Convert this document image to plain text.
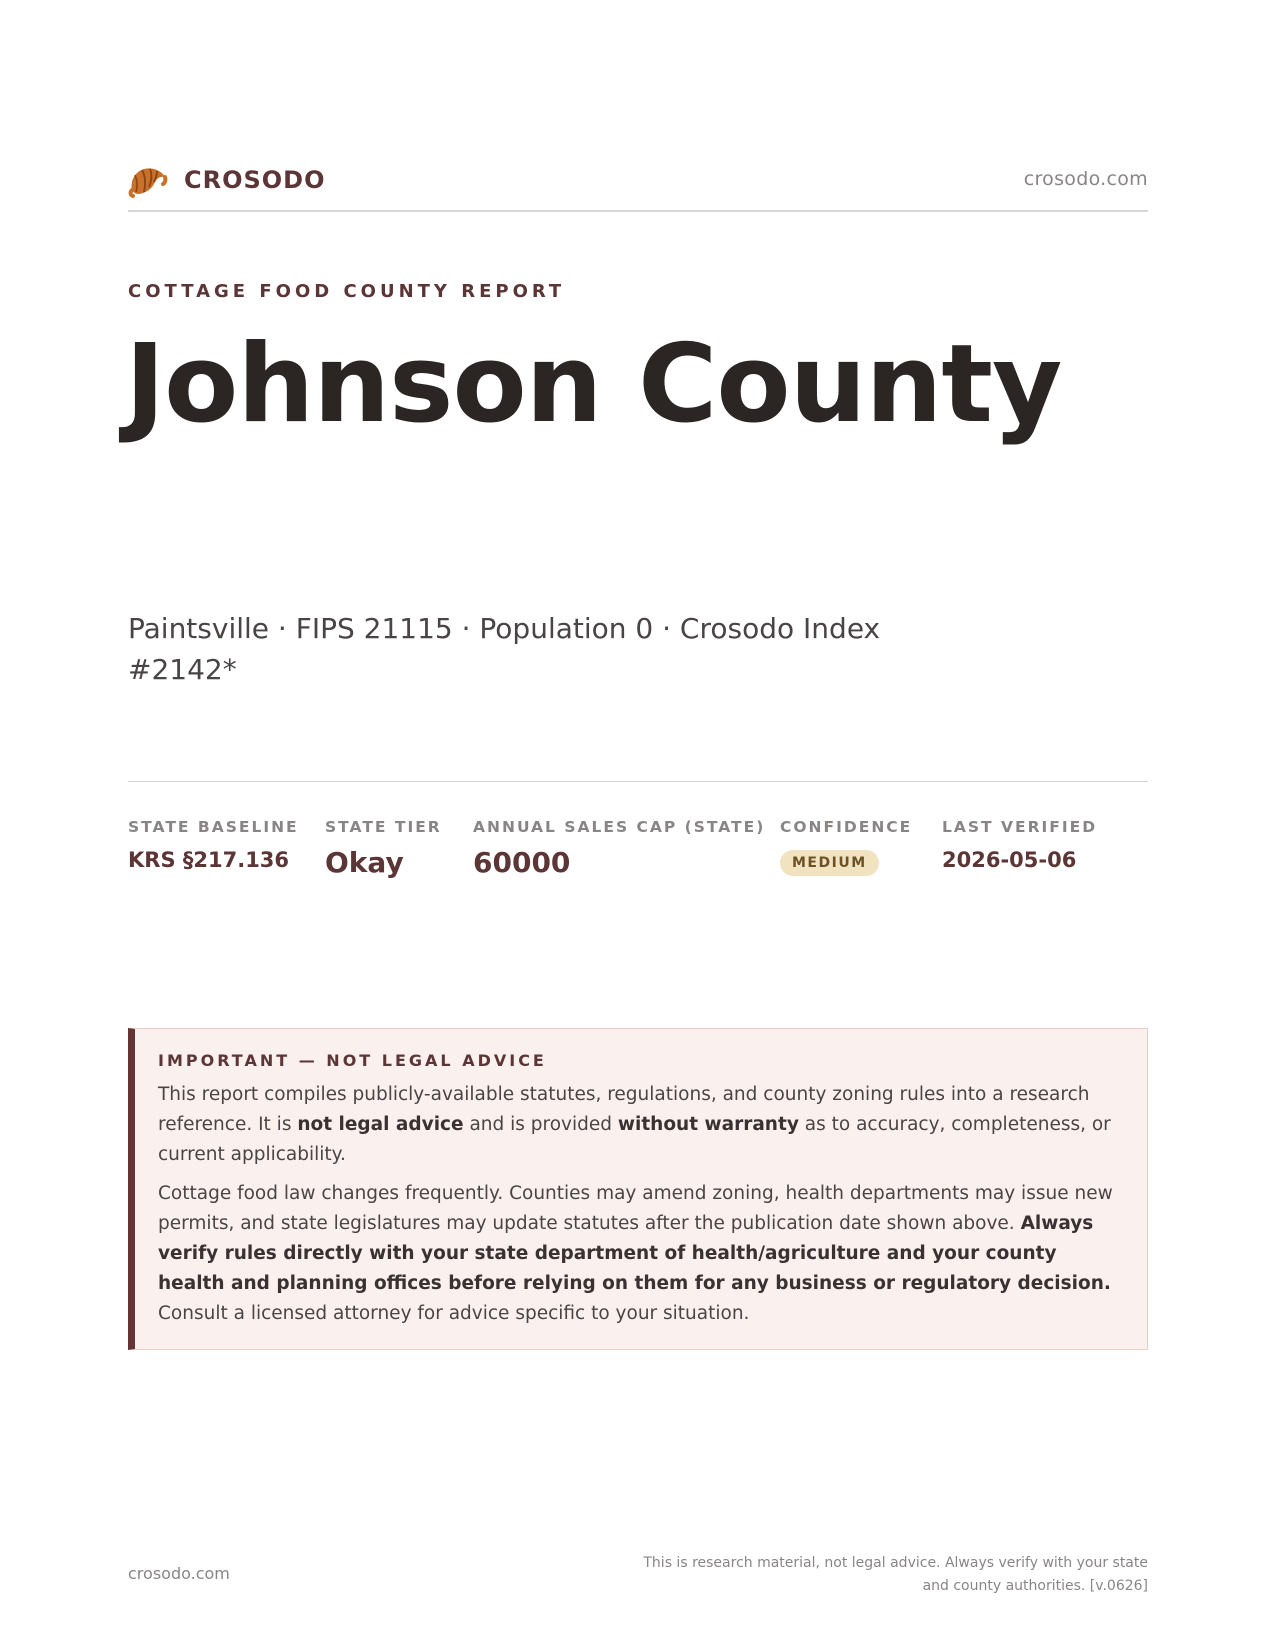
CROSODO	crosodo.com
COTTAGE FOOD COUNTY REPORT
Johnson County
Paintsville · FIPS 21115 · Population 0 · Crosodo Index #2142*
STATE BASELINE
KRS §217.136
STATE TIER
Okay
ANNUAL SALES CAP (STATE)
60000
CONFIDENCE
MEDIUM
LAST VERIFIED
2026-05-06
IMPORTANT — NOT LEGAL ADVICE

This report compiles publicly-available statutes, regulations, and county zoning rules into a research reference. It is not legal advice and is provided without warranty as to accuracy, completeness, or current applicability.

Cottage food law changes frequently. Counties may amend zoning, health departments may issue new permits, and state legislatures may update statutes after the publication date shown above. Always verify rules directly with your state department of health/agriculture and your county health and planning offices before relying on them for any business or regulatory decision. Consult a licensed attorney for advice specific to your situation.

crosodo.com
This is research material, not legal advice. Always verify with your state
and county authorities. [v.0626]
